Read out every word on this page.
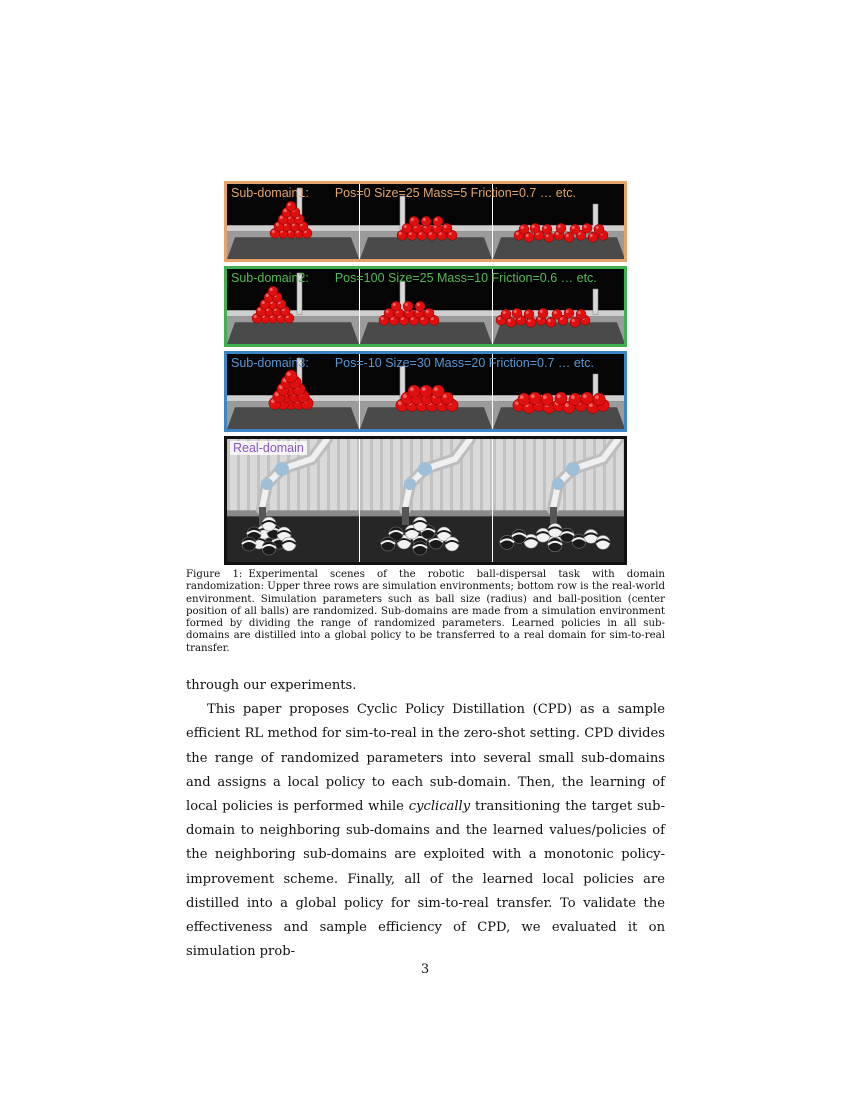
Sub-domain1: Pos=0 Size=25 Mass=5 Friction=0.7 … etc.
Sub-domain2: Pos=100 Size=25 Mass=10 Friction=0.6 … etc.
Sub-domain3: Pos=-10 Size=30 Mass=20 Friction=0.7 … etc.
Real-domain
Figure 1: Experimental scenes of the robotic ball-dispersal task with domain randomization: Upper three rows are simulation environments; bottom row is the real-world environment. Simulation parameters such as ball size (radius) and ball-position (center position of all balls) are randomized. Sub-domains are made from a simulation environment formed by dividing the range of randomized parameters. Learned policies in all sub-domains are distilled into a global policy to be transferred to a real domain for sim-to-real transfer.

through our experiments.

This paper proposes Cyclic Policy Distillation (CPD) as a sample efficient RL method for sim-to-real in the zero-shot setting. CPD divides the range of randomized parameters into several small sub-domains and assigns a local policy to each sub-domain. Then, the learning of local policies is performed while cyclically transitioning the target sub-domain to neighboring sub-domains and the learned values/policies of the neighboring sub-domains are exploited with a monotonic policy-improvement scheme. Finally, all of the learned local policies are distilled into a global policy for sim-to-real transfer. To validate the effectiveness and sample efficiency of CPD, we evaluated it on simulation prob-

3
